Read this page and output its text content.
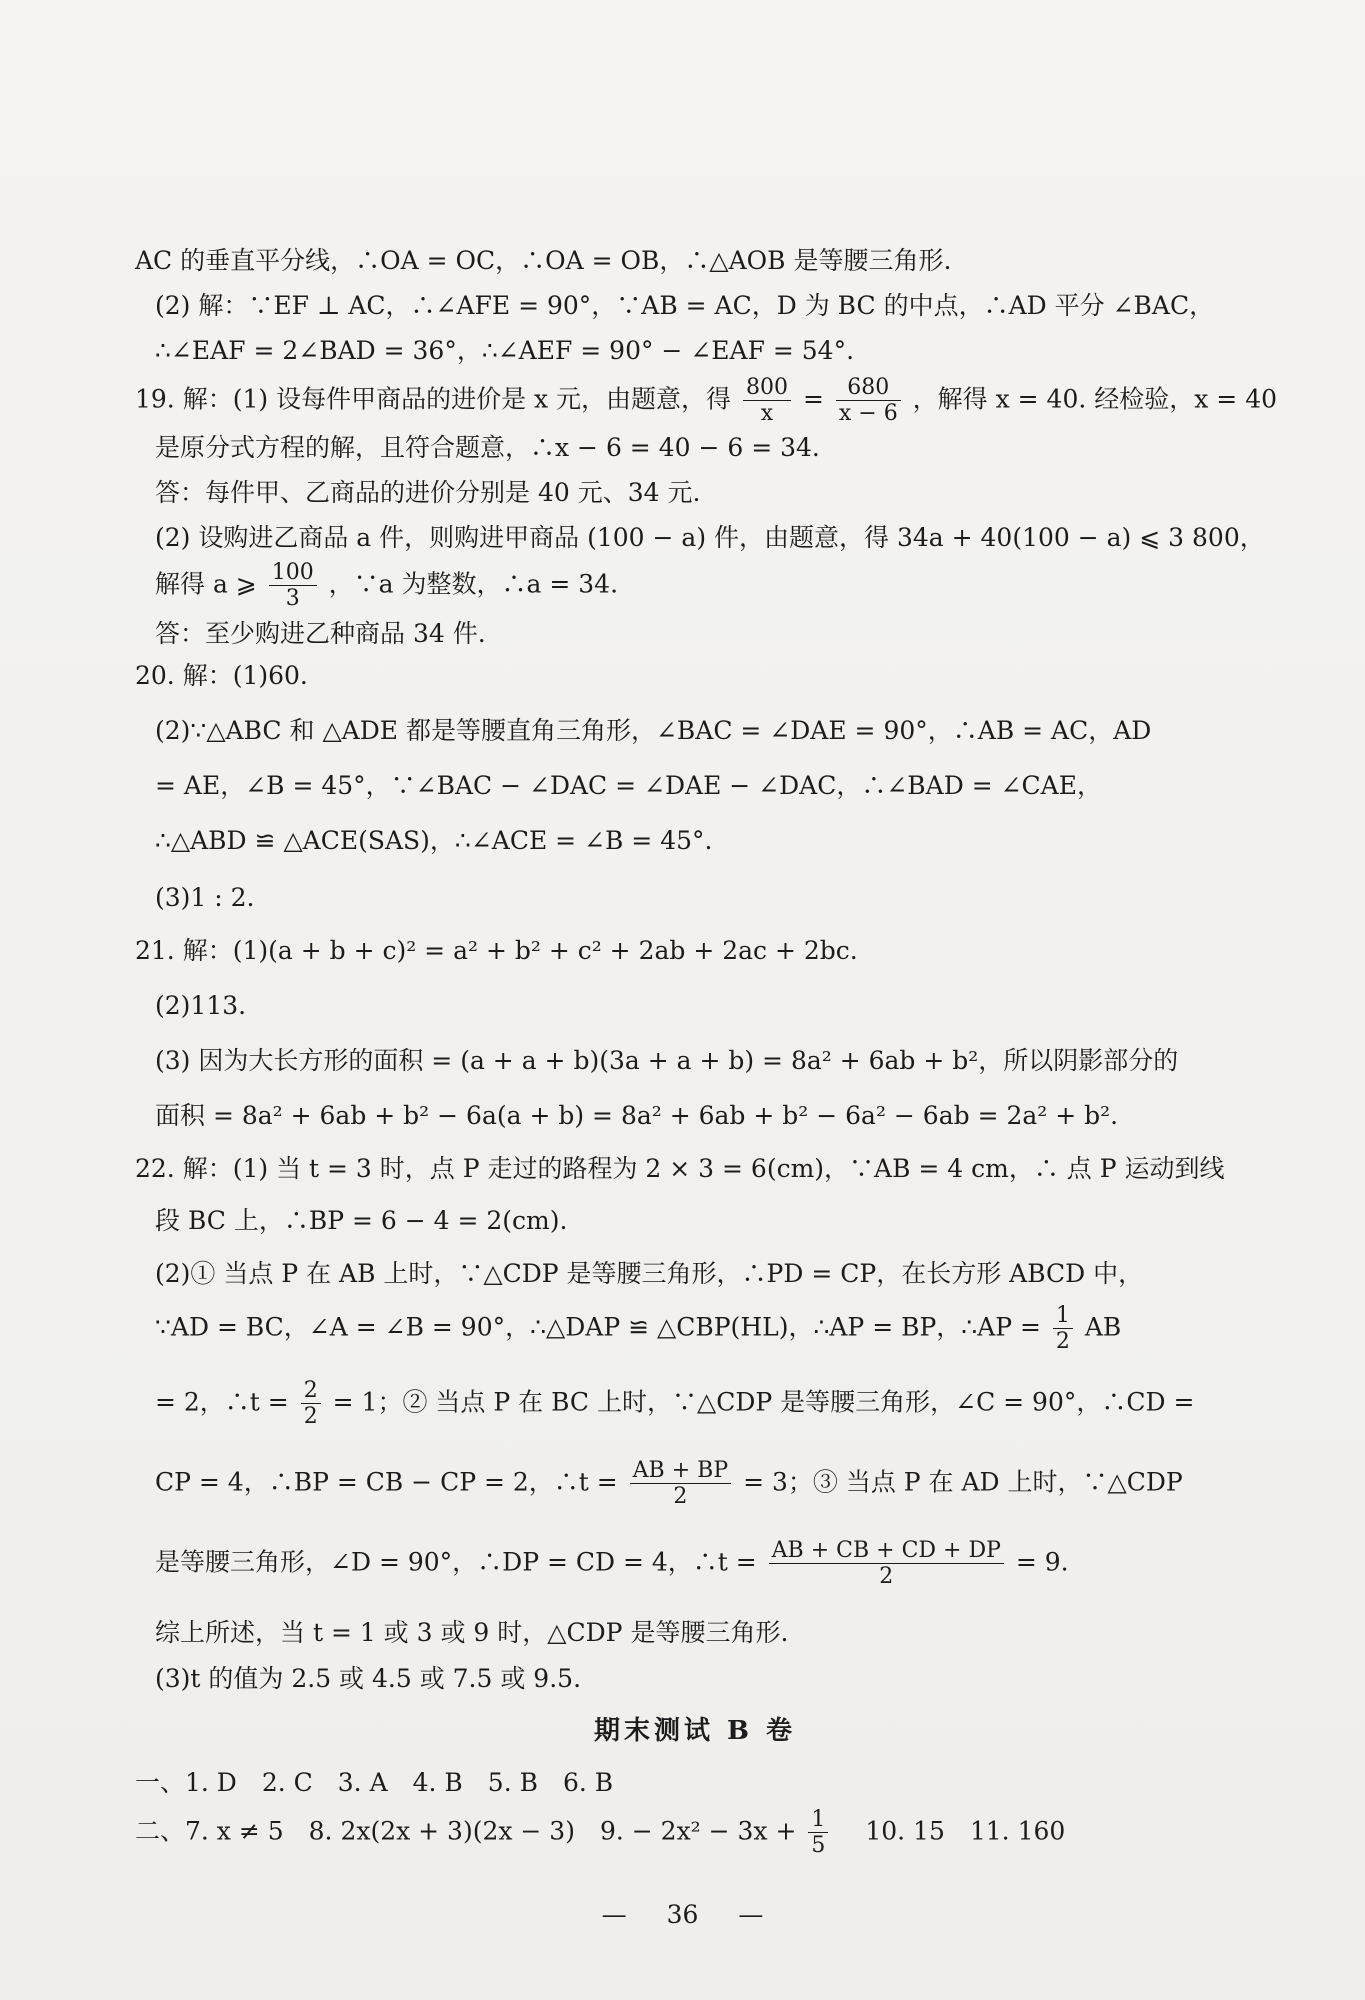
AC 的垂直平分线，∴OA = OC，∴OA = OB，∴△AOB 是等腰三角形.
(2) 解：∵EF ⊥ AC，∴∠AFE = 90°，∵AB = AC，D 为 BC 的中点，∴AD 平分 ∠BAC，
∴∠EAF = 2∠BAD = 36°，∴∠AEF = 90° − ∠EAF = 54°.
19. 解：(1) 设每件甲商品的进价是 x 元，由题意，得 $\frac{800}{x} = \frac{680}{x - 6}$ ，解得 x = 40. 经检验，x = 40
是原分式方程的解，且符合题意，∴x − 6 = 40 − 6 = 34.
答：每件甲、乙商品的进价分别是 40 元、34 元.
(2) 设购进乙商品 a 件，则购进甲商品 (100 − a) 件，由题意，得 34a + 40(100 − a) ⩽ 3 800，
解得 a ⩾ $\frac{100}{3}$ ，∵a 为整数，∴a = 34.
答：至少购进乙种商品 34 件.
20. 解：(1)60.
(2)∵△ABC 和 △ADE 都是等腰直角三角形，∠BAC = ∠DAE = 90°，∴AB = AC，AD
= AE，∠B = 45°，∵∠BAC − ∠DAC = ∠DAE − ∠DAC，∴∠BAD = ∠CAE，
∴△ABD ≌ △ACE(SAS)，∴∠ACE = ∠B = 45°.
(3)1 : 2.
21. 解：(1)(a + b + c)² = a² + b² + c² + 2ab + 2ac + 2bc.
(2)113.
(3) 因为大长方形的面积 = (a + a + b)(3a + a + b) = 8a² + 6ab + b²，所以阴影部分的
面积 = 8a² + 6ab + b² − 6a(a + b) = 8a² + 6ab + b² − 6a² − 6ab = 2a² + b².
22. 解：(1) 当 t = 3 时，点 P 走过的路程为 2 × 3 = 6(cm)，∵AB = 4 cm，∴ 点 P 运动到线
段 BC 上，∴BP = 6 − 4 = 2(cm).
(2)① 当点 P 在 AB 上时，∵△CDP 是等腰三角形，∴PD = CP，在长方形 ABCD 中，
∵AD = BC，∠A = ∠B = 90°，∴△DAP ≌ △CBP(HL)，∴AP = BP，∴AP = $\frac{1}{2}$ AB
= 2，∴t = $\frac{2}{2} = 1$；② 当点 P 在 BC 上时，∵△CDP 是等腰三角形，∠C = 90°，∴CD =
CP = 4，∴BP = CB − CP = 2，∴t = $\frac{AB + BP}{2} = 3$；③ 当点 P 在 AD 上时，∵△CDP
是等腰三角形，∠D = 90°，∴DP = CD = 4，∴t = $\frac{AB + CB + CD + DP}{2} = 9$.
综上所述，当 t = 1 或 3 或 9 时，△CDP 是等腰三角形.
(3)t 的值为 2.5 或 4.5 或 7.5 或 9.5.
期末测试 B 卷
一、1. D　2. C　3. A　4. B　5. B　6. B
二、7. x ≠ 5　8. 2x(2x + 3)(2x − 3)　9. − $2x^2 - 3x + \frac{1}{5}$ 　10. 15　11. 160
— 36 —
